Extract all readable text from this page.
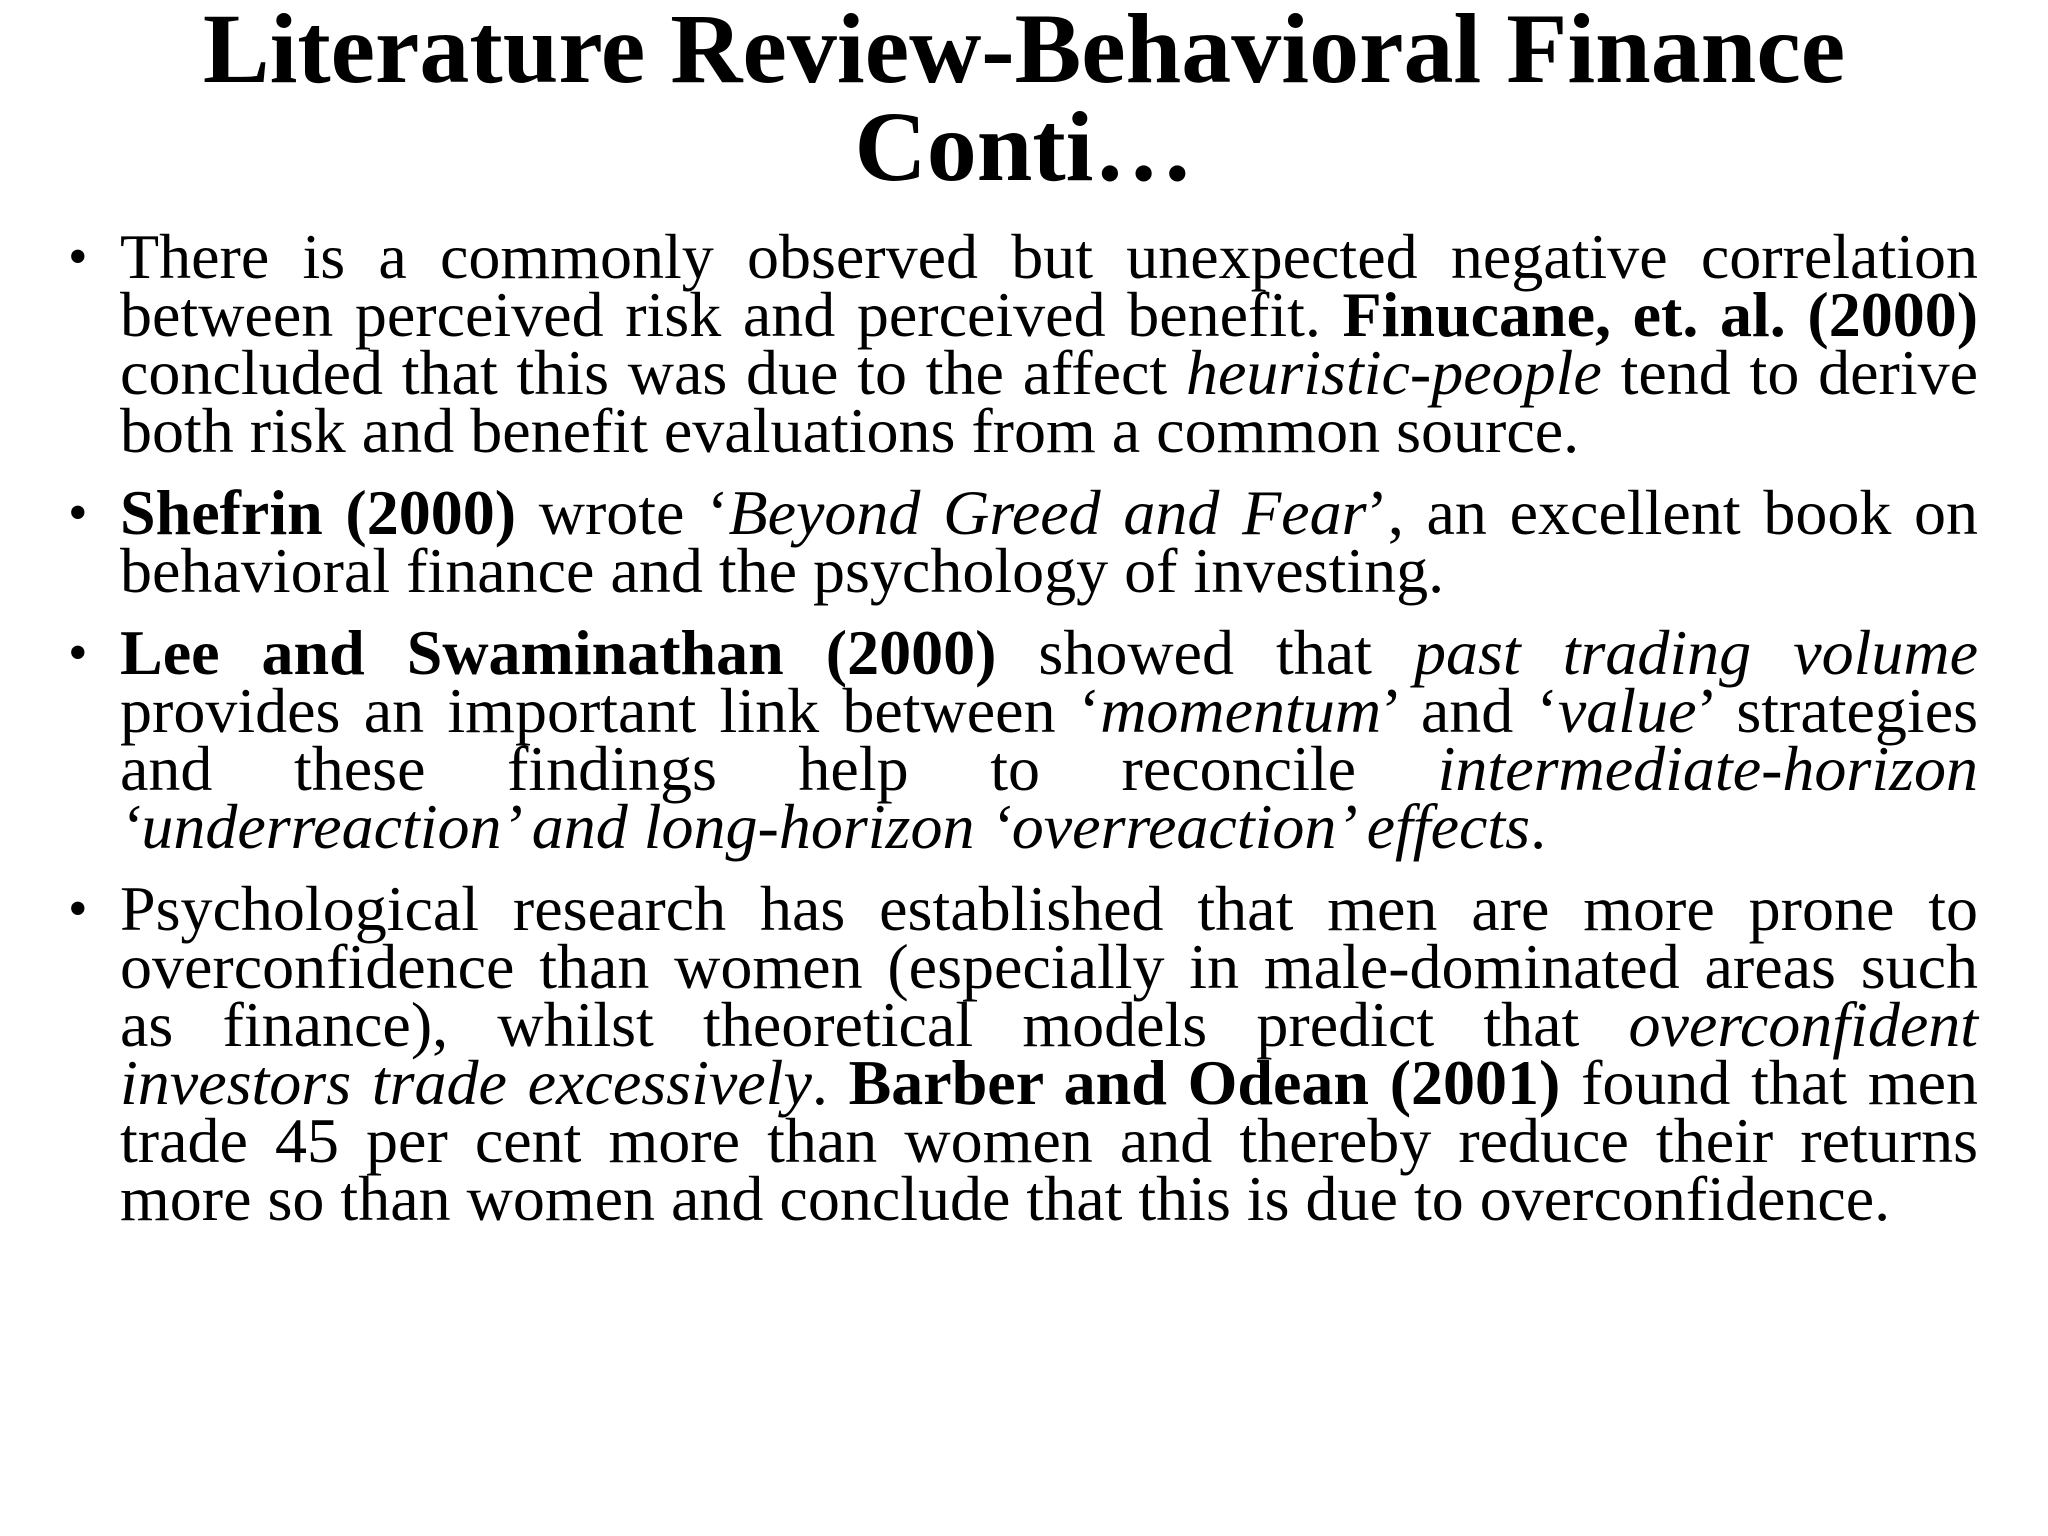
Literature Review-Behavioral Finance
Conti…
• There is a commonly observed but unexpected negative correlation between perceived risk and perceived benefit. Finucane, et. al. (2000) concluded that this was due to the affect heuristic-people tend to derive both risk and benefit evaluations from a common source.
• Shefrin (2000) wrote ‘Beyond Greed and Fear’, an excellent book on behavioral finance and the psychology of investing.
• Lee and Swaminathan (2000) showed that past trading volume provides an important link between ‘momentum’ and ‘value’ strategies and these findings help to reconcile intermediate-horizon ‘underreaction’ and long-horizon ‘overreaction’ effects.
• Psychological research has established that men are more prone to overconfidence than women (especially in male-dominated areas such as finance), whilst theoretical models predict that overconfident investors trade excessively. Barber and Odean (2001) found that men trade 45 per cent more than women and thereby reduce their returns more so than women and conclude that this is due to overconfidence.
